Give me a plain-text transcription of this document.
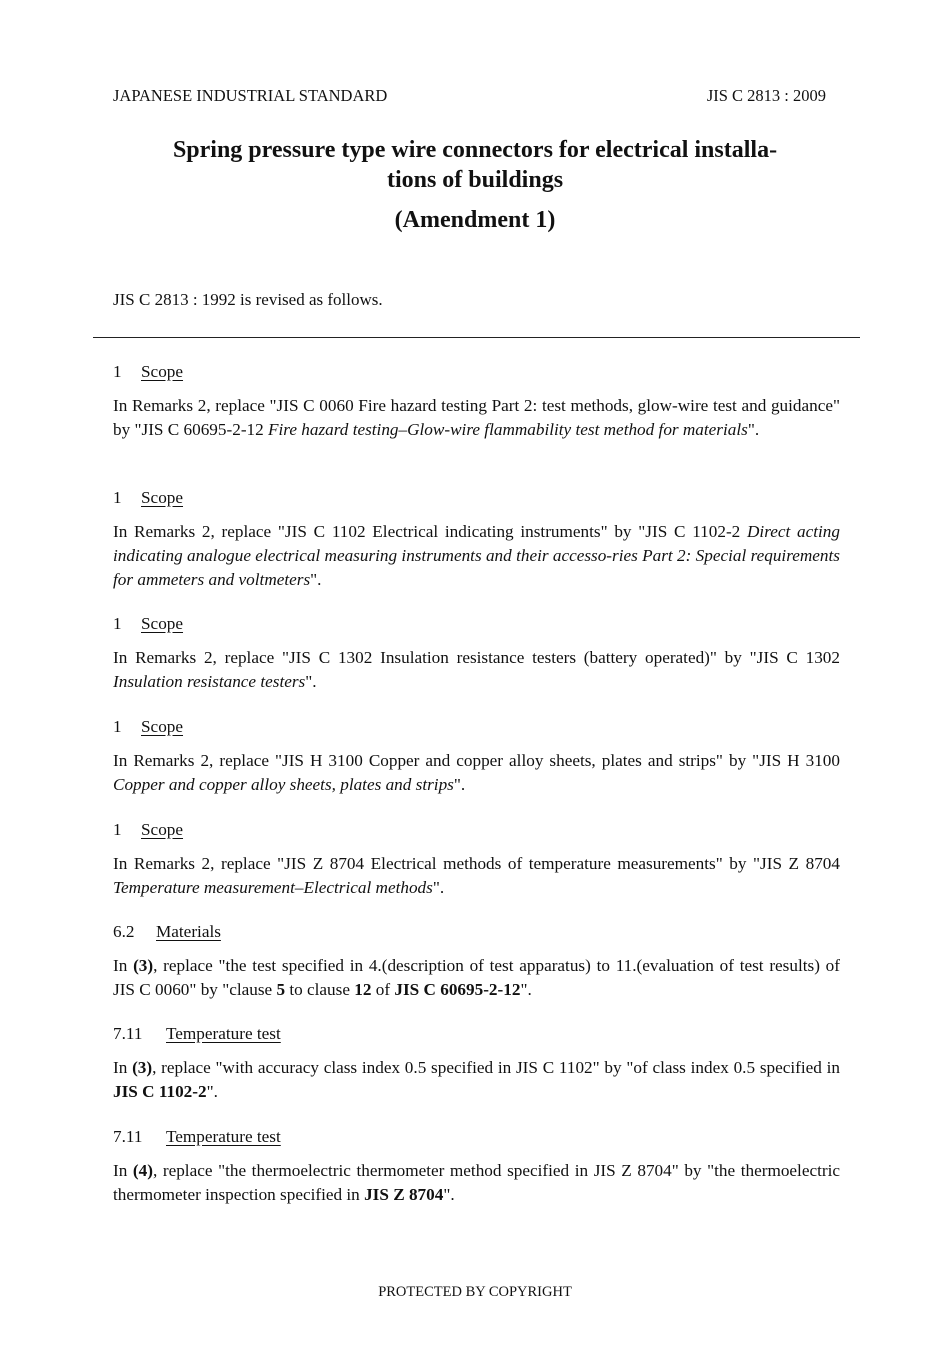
JAPANESE INDUSTRIAL STANDARD	JIS C 2813 : 2009
Spring pressure type wire connectors for electrical installa-
tions of buildings
(Amendment 1)
JIS C 2813 : 1992 is revised as follows.
1	Scope

In Remarks 2, replace "JIS C 0060 Fire hazard testing Part 2: test methods, glow-wire test and guidance" by "JIS C 60695-2-12 Fire hazard testing–Glow-wire flammability test method for materials".

1	Scope

In Remarks 2, replace "JIS C 1102 Electrical indicating instruments" by "JIS C 1102-2 Direct acting indicating analogue electrical measuring instruments and their accesso-ries Part 2: Special requirements for ammeters and voltmeters".

1	Scope

In Remarks 2, replace "JIS C 1302 Insulation resistance testers (battery operated)" by "JIS C 1302 Insulation resistance testers".

1	Scope

In Remarks 2, replace "JIS H 3100 Copper and copper alloy sheets, plates and strips" by "JIS H 3100 Copper and copper alloy sheets, plates and strips".

1	Scope

In Remarks 2, replace "JIS Z 8704 Electrical methods of temperature measurements" by "JIS Z 8704 Temperature measurement–Electrical methods".

6.2	Materials

In (3), replace "the test specified in 4.(description of test apparatus) to 11.(evaluation of test results) of JIS C 0060" by "clause 5 to clause 12 of JIS C 60695-2-12".

7.11	Temperature test

In (3), replace "with accuracy class index 0.5 specified in JIS C 1102" by "of class index 0.5 specified in JIS C 1102-2".

7.11	Temperature test

In (4), replace "the thermoelectric thermometer method specified in JIS Z 8704" by "the thermoelectric thermometer inspection specified in JIS Z 8704".

PROTECTED BY COPYRIGHT
